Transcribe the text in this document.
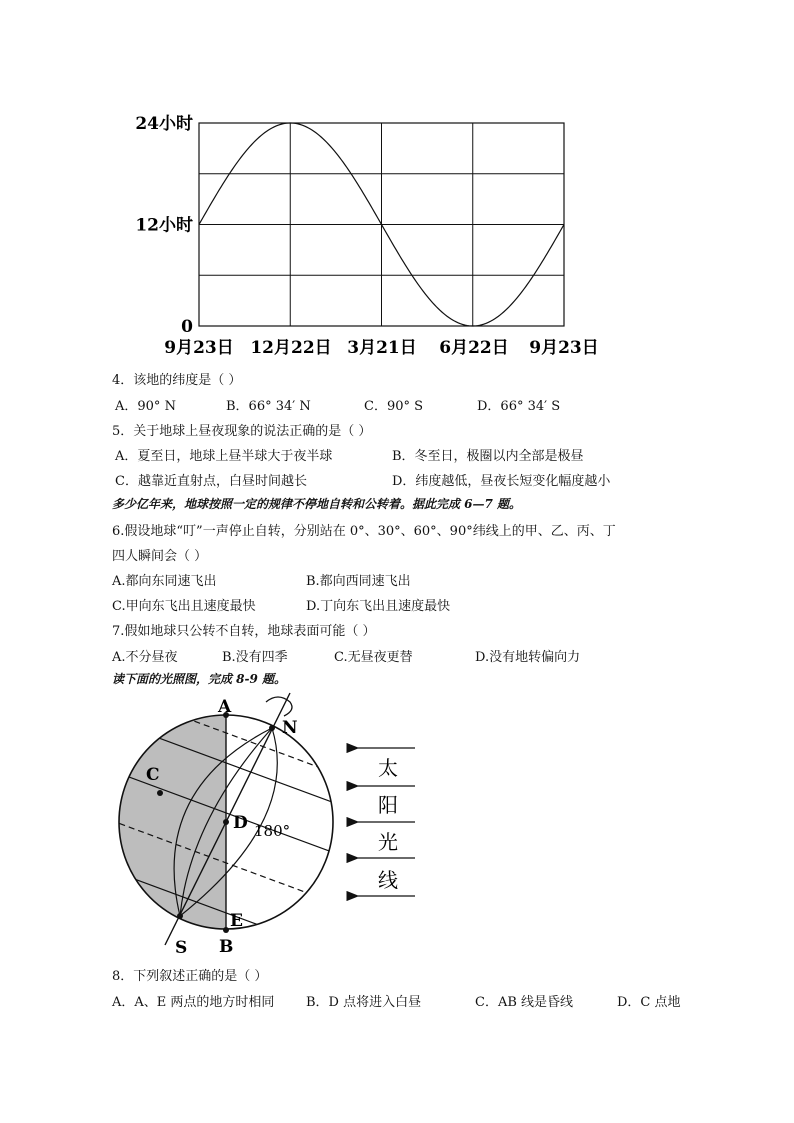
9月23日 12月22日 3月21日 6月22日 9月23日
0
12小时
24小时
4．该地的纬度是（ ）
A．90° N	B．66° 34′ N	C．90° S	D．66° 34′ S
5．关于地球上昼夜现象的说法正确的是（ ）
A．夏至日，地球上昼半球大于夜半球	B．冬至日，极圈以内全部是极昼
C．越靠近直射点，白昼时间越长	D．纬度越低，昼夜长短变化幅度越小
多少亿年来，地球按照一定的规律不停地自转和公转着。据此完成 6—7 题。
6.假设地球“叮”一声停止自转，分别站在 0°、30°、60°、90°纬线上的甲、乙、丙、丁
四人瞬间会（ ）
A.都向东同速飞出	B.都向西同速飞出
C.甲向东飞出且速度最快	D.丁向东飞出且速度最快
7.假如地球只公转不自转，地球表面可能（ ）
A.不分昼夜	B.没有四季	C.无昼夜更替	D.没有地转偏向力
读下面的光照图，完成 8-9 题。
A
N
C
D 180°
S
E
B
太
阳
光
线
8．下列叙述正确的是（ ）
A．A、E 两点的地方时相同 B．D 点将进入白昼	C．AB 线是昏线	D．C 点地
